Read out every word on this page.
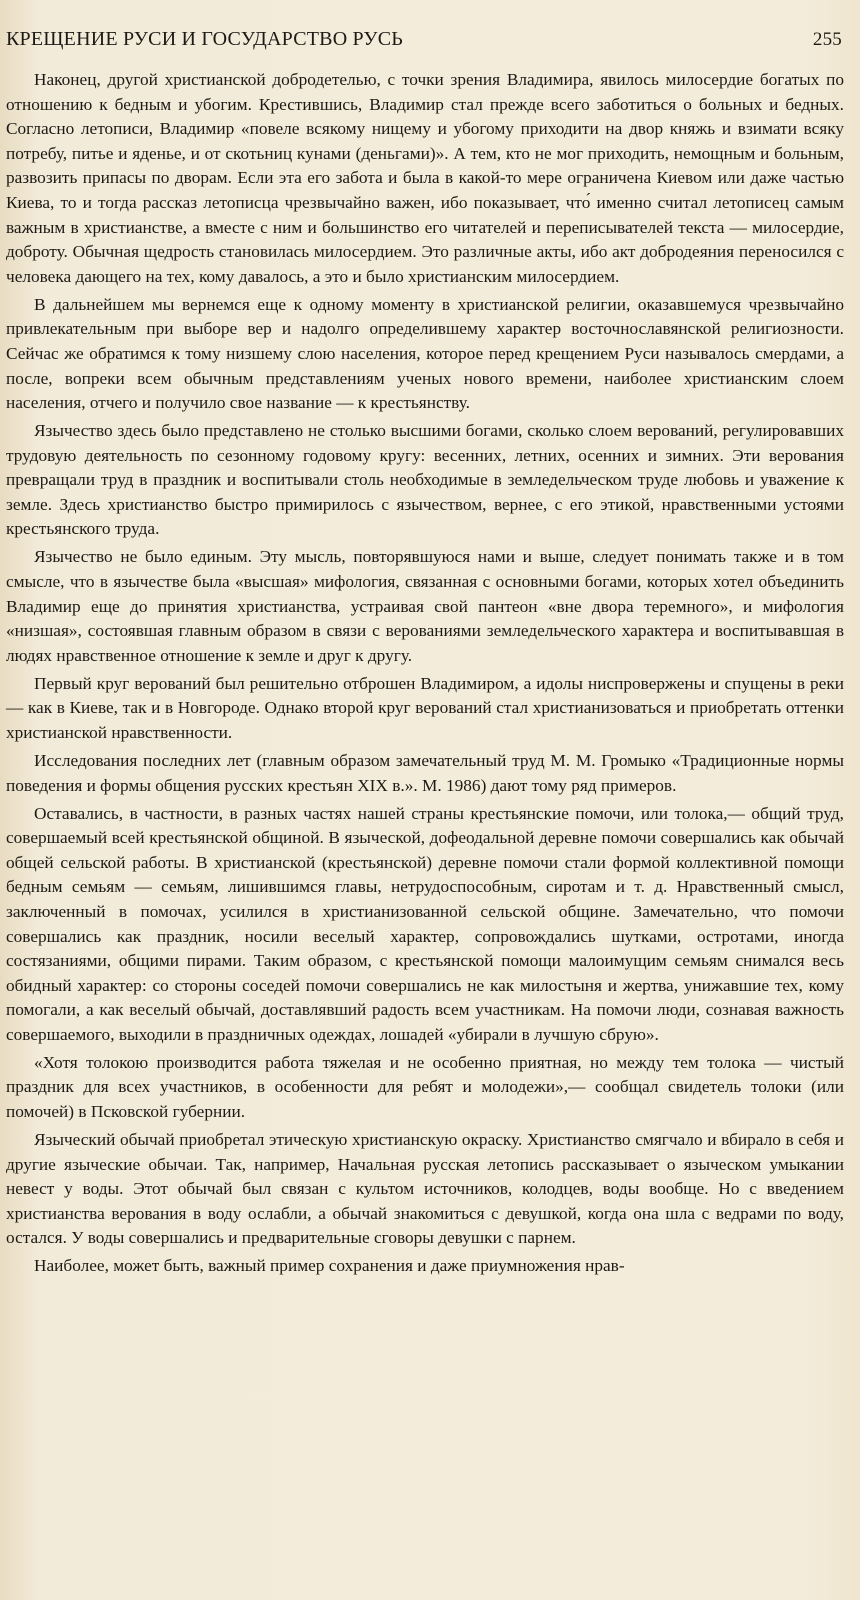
КРЕЩЕНИЕ РУСИ И ГОСУДАРСТВО РУСЬ	255

Наконец, другой христианской добродетелью, с точки зрения Владимира, явилось милосердие богатых по отношению к бедным и убогим. Крестившись, Владимир стал прежде всего заботиться о больных и бедных. Согласно летописи, Владимир «повеле всякому нищему и убогому приходити на двор княжь и взимати всяку потребу, питье и яденье, и от скотьниц кунами (деньгами)». А тем, кто не мог приходить, немощным и больным, развозить припасы по дворам. Если эта его забота и была в какой-то мере ограничена Киевом или даже частью Киева, то и тогда рассказ летописца чрезвычайно важен, ибо показывает, что́ именно считал летописец самым важным в христианстве, а вместе с ним и большинство его читателей и переписывателей текста — милосердие, доброту. Обычная щедрость становилась милосердием. Это различные акты, ибо акт добродеяния переносился с человека дающего на тех, кому давалось, а это и было христианским милосердием.

В дальнейшем мы вернемся еще к одному моменту в христианской религии, оказавшемуся чрезвычайно привлекательным при выборе вер и надолго определившему характер восточнославянской религиозности. Сейчас же обратимся к тому низшему слою населения, которое перед крещением Руси называлось смердами, а после, вопреки всем обычным представлениям ученых нового времени, наиболее христианским слоем населения, отчего и получило свое название — к крестьянству.

Язычество здесь было представлено не столько высшими богами, сколько слоем верований, регулировавших трудовую деятельность по сезонному годовому кругу: весенних, летних, осенних и зимних. Эти верования превращали труд в праздник и воспитывали столь необходимые в земледельческом труде любовь и уважение к земле. Здесь христианство быстро примирилось с язычеством, вернее, с его этикой, нравственными устоями крестьянского труда.

Язычество не было единым. Эту мысль, повторявшуюся нами и выше, следует понимать также и в том смысле, что в язычестве была «высшая» мифология, связанная с основными богами, которых хотел объединить Владимир еще до принятия христианства, устраивая свой пантеон «вне двора теремного», и мифология «низшая», состоявшая главным образом в связи с верованиями земледельческого характера и воспитывавшая в людях нравственное отношение к земле и друг к другу.

Первый круг верований был решительно отброшен Владимиром, а идолы ниспровержены и спущены в реки — как в Киеве, так и в Новгороде. Однако второй круг верований стал христианизоваться и приобретать оттенки христианской нравственности.

Исследования последних лет (главным образом замечательный труд М. М. Громыко «Традиционные нормы поведения и формы общения русских крестьян XIX в.». М. 1986) дают тому ряд примеров.

Оставались, в частности, в разных частях нашей страны крестьянские помочи, или толока,— общий труд, совершаемый всей крестьянской общиной. В языческой, дофеодальной деревне помочи совершались как обычай общей сельской работы. В христианской (крестьянской) деревне помочи стали формой коллективной помощи бедным семьям — семьям, лишившимся главы, нетрудоспособным, сиротам и т. д. Нравственный смысл, заключенный в помочах, усилился в христианизованной сельской общине. Замечательно, что помочи совершались как праздник, носили веселый характер, сопровождались шутками, остротами, иногда состязаниями, общими пирами. Таким образом, с крестьянской помощи малоимущим семьям снимался весь обидный характер: со стороны соседей помочи совершались не как милостыня и жертва, унижавшие тех, кому помогали, а как веселый обычай, доставлявший радость всем участникам. На помочи люди, сознавая важность совершаемого, выходили в праздничных одеждах, лошадей «убирали в лучшую сбрую».

«Хотя толокою производится работа тяжелая и не особенно приятная, но между тем толока — чистый праздник для всех участников, в особенности для ребят и молодежи»,— сообщал свидетель толоки (или помочей) в Псковской губернии.

Языческий обычай приобретал этическую христианскую окраску. Христианство смягчало и вбирало в себя и другие языческие обычаи. Так, например, Начальная русская летопись рассказывает о языческом умыкании невест у воды. Этот обычай был связан с культом источников, колодцев, воды вообще. Но с введением христианства верования в воду ослабли, а обычай знакомиться с девушкой, когда она шла с ведрами по воду, остался. У воды совершались и предварительные сговоры девушки с парнем.

Наиболее, может быть, важный пример сохранения и даже приумножения нрав-
